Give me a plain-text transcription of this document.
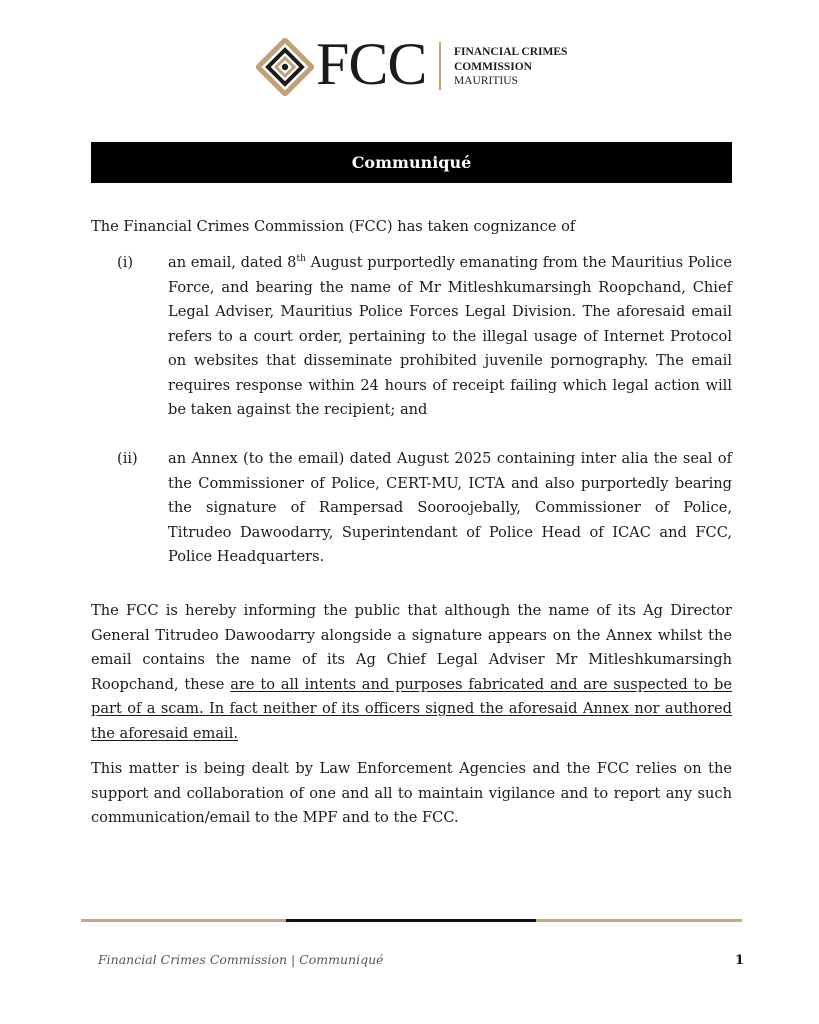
FCC FINANCIAL CRIMES
COMMISSION
MAURITIUS
Communiqué
The Financial Crimes Commission (FCC) has taken cognizance of
(i) an email, dated 8th August purportedly emanating from the Mauritius Police Force, and bearing the name of Mr Mitleshkumarsingh Roopchand, Chief Legal Adviser, Mauritius Police Forces Legal Division. The aforesaid email refers to a court order, pertaining to the illegal usage of Internet Protocol on websites that disseminate prohibited juvenile pornography. The email requires response within 24 hours of receipt failing which legal action will be taken against the recipient; and
(ii) an Annex (to the email) dated August 2025 containing inter alia the seal of the Commissioner of Police, CERT-MU, ICTA and also purportedly bearing the signature of Rampersad Sooroojebally, Commissioner of Police, Titrudeo Dawoodarry, Superintendant of Police Head of ICAC and FCC, Police Headquarters.
The FCC is hereby informing the public that although the name of its Ag Director General Titrudeo Dawoodarry alongside a signature appears on the Annex whilst the email contains the name of its Ag Chief Legal Adviser Mr Mitleshkumarsingh Roopchand, these are to all intents and purposes fabricated and are suspected to be part of a scam. In fact neither of its officers signed the aforesaid Annex nor authored the aforesaid email.
This matter is being dealt by Law Enforcement Agencies and the FCC relies on the support and collaboration of one and all to maintain vigilance and to report any such communication/email to the MPF and to the FCC.
Financial Crimes Commission | Communiqué	1
